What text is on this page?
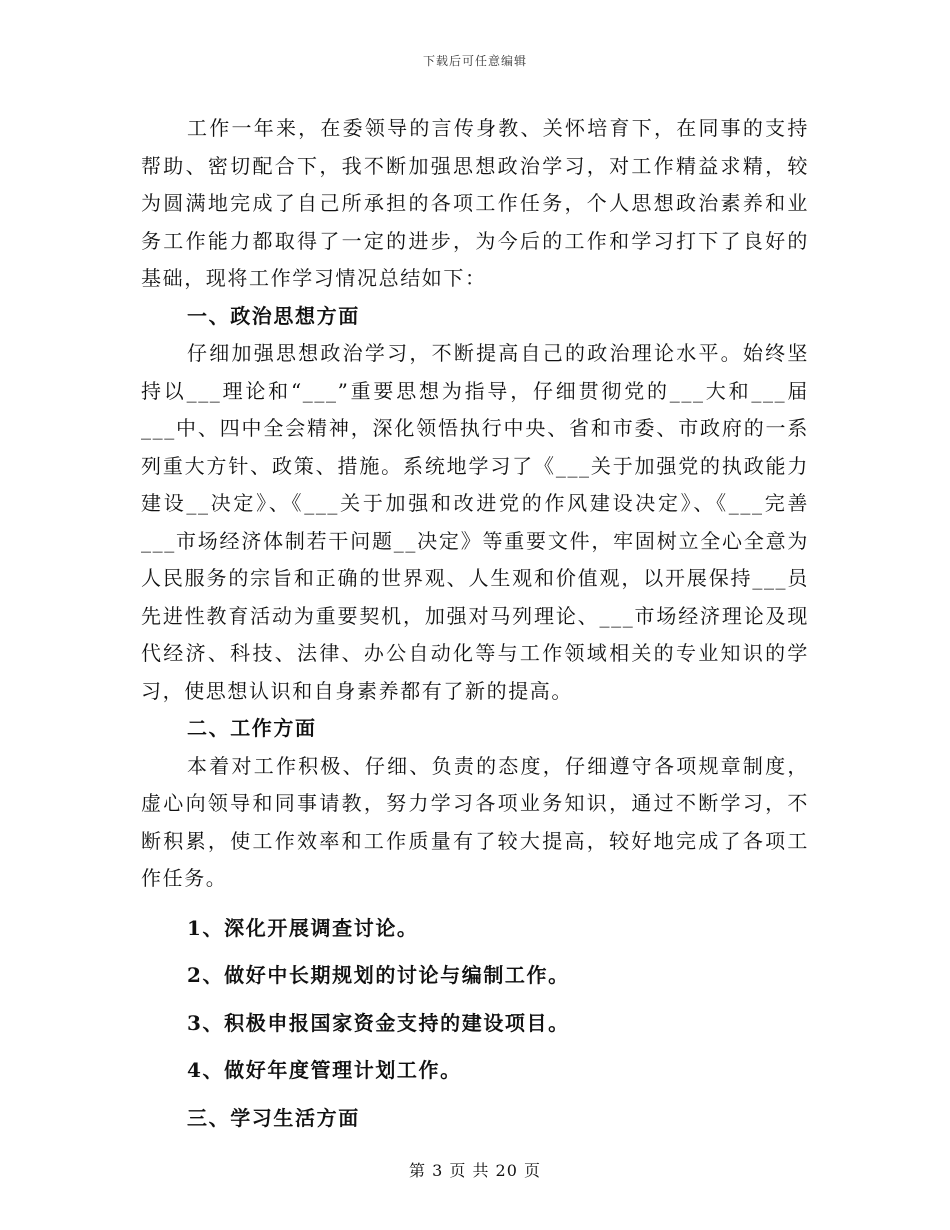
下载后可任意编辑

工作一年来，在委领导的言传身教、关怀培育下，在同事的支持帮助、密切配合下，我不断加强思想政治学习，对工作精益求精，较为圆满地完成了自己所承担的各项工作任务，个人思想政治素养和业务工作能力都取得了一定的进步，为今后的工作和学习打下了良好的基础，现将工作学习情况总结如下：

一、政治思想方面

仔细加强思想政治学习，不断提高自己的政治理论水平。始终坚持以___理论和“___”重要思想为指导，仔细贯彻党的___大和___届___中、四中全会精神，深化领悟执行中央、省和市委、市政府的一系列重大方针、政策、措施。系统地学习了《___关于加强党的执政能力建设__决定》、《___关于加强和改进党的作风建设决定》、《___完善___市场经济体制若干问题__决定》等重要文件，牢固树立全心全意为人民服务的宗旨和正确的世界观、人生观和价值观，以开展保持___员先进性教育活动为重要契机，加强对马列理论、___市场经济理论及现代经济、科技、法律、办公自动化等与工作领域相关的专业知识的学习，使思想认识和自身素养都有了新的提高。

二、工作方面

本着对工作积极、仔细、负责的态度，仔细遵守各项规章制度，虚心向领导和同事请教，努力学习各项业务知识，通过不断学习，不断积累，使工作效率和工作质量有了较大提高，较好地完成了各项工作任务。

1、深化开展调查讨论。

2、做好中长期规划的讨论与编制工作。

3、积极申报国家资金支持的建设项目。

4、做好年度管理计划工作。

三、学习生活方面

第 3 页 共 20 页
